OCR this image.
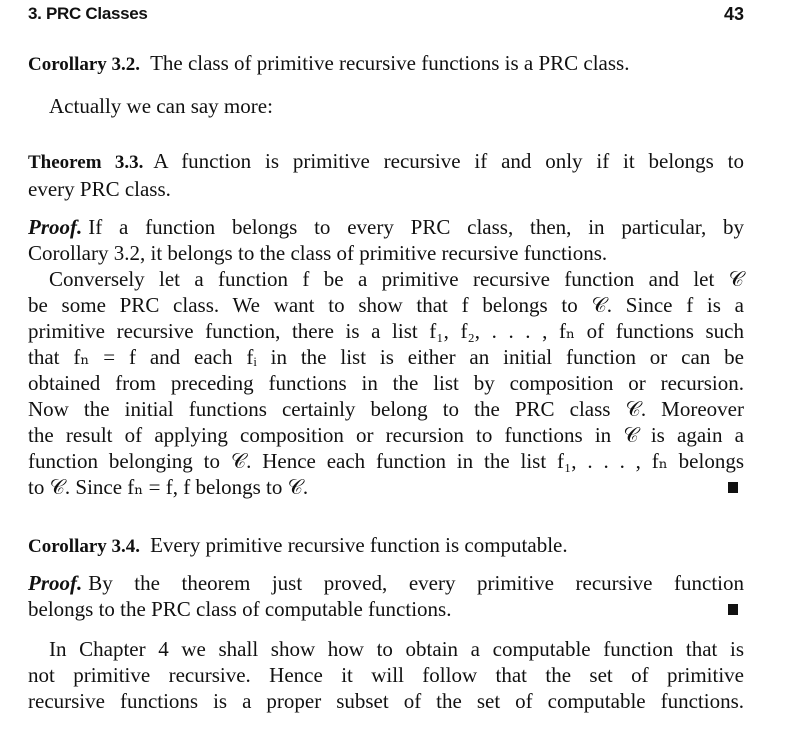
3. PRC Classes	43
Corollary 3.2. The class of primitive recursive functions is a PRC class.
Actually we can say more:
Theorem 3.3. A function is primitive recursive if and only if it belongs to
every PRC class.
Proof. If a function belongs to every PRC class, then, in particular, by
Corollary 3.2, it belongs to the class of primitive recursive functions.
Conversely let a function f be a primitive recursive function and let 𝒞
be some PRC class. We want to show that f belongs to 𝒞. Since f is a
primitive recursive function, there is a list f₁, f₂, . . . , fₙ of functions such
that fₙ = f and each fᵢ in the list is either an initial function or can be
obtained from preceding functions in the list by composition or recursion.
Now the initial functions certainly belong to the PRC class 𝒞. Moreover
the result of applying composition or recursion to functions in 𝒞 is again a
function belonging to 𝒞. Hence each function in the list f₁, . . . , fₙ belongs
to 𝒞. Since fₙ = f, f belongs to 𝒞.
Corollary 3.4. Every primitive recursive function is computable.
Proof. By the theorem just proved, every primitive recursive function
belongs to the PRC class of computable functions.
In Chapter 4 we shall show how to obtain a computable function that is
not primitive recursive. Hence it will follow that the set of primitive
recursive functions is a proper subset of the set of computable functions.
